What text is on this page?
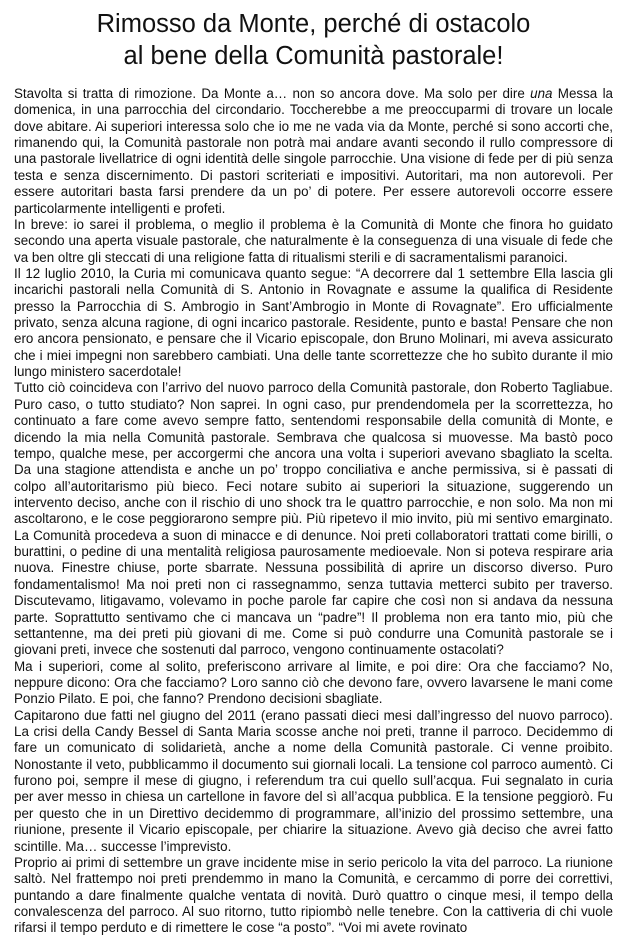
Rimosso da Monte, perché di ostacolo
al bene della Comunità pastorale!

Stavolta si tratta di rimozione. Da Monte a… non so ancora dove. Ma solo per dire una Messa la domenica, in una parrocchia del circondario. Toccherebbe a me preoccuparmi di trovare un locale dove abitare. Ai superiori interessa solo che io me ne vada via da Monte, perché si sono accorti che, rimanendo qui, la Comunità pastorale non potrà mai andare avanti secondo il rullo compressore di una pastorale livellatrice di ogni identità delle singole parrocchie. Una visione di fede per di più senza testa e senza discernimento. Di pastori scriteriati e impositivi. Autoritari, ma non autorevoli. Per essere autoritari basta farsi prendere da un po’ di potere. Per essere autorevoli occorre essere particolarmente intelligenti e profeti.

In breve: io sarei il problema, o meglio il problema è la Comunità di Monte che finora ho guidato secondo una aperta visuale pastorale, che naturalmente è la conseguenza di una visuale di fede che va ben oltre gli steccati di una religione fatta di ritualismi sterili e di sacramentalismi paranoici.

Il 12 luglio 2010, la Curia mi comunicava quanto segue: “A decorrere dal 1 settembre Ella lascia gli incarichi pastorali nella Comunità di S. Antonio in Rovagnate e assume la qualifica di Residente presso la Parrocchia di S. Ambrogio in Sant’Ambrogio in Monte di Rovagnate”. Ero ufficialmente privato, senza alcuna ragione, di ogni incarico pastorale. Residente, punto e basta! Pensare che non ero ancora pensionato, e pensare che il Vicario episcopale, don Bruno Molinari, mi aveva assicurato che i miei impegni non sarebbero cambiati. Una delle tante scorrettezze che ho subìto durante il mio lungo ministero sacerdotale!

Tutto ciò coincideva con l’arrivo del nuovo parroco della Comunità pastorale, don Roberto Tagliabue. Puro caso, o tutto studiato? Non saprei. In ogni caso, pur prendendomela per la scorrettezza, ho continuato a fare come avevo sempre fatto, sentendomi responsabile della comunità di Monte, e dicendo la mia nella Comunità pastorale. Sembrava che qualcosa si muovesse. Ma bastò poco tempo, qualche mese, per accorgermi che ancora una volta i superiori avevano sbagliato la scelta. Da una stagione attendista e anche un po’ troppo conciliativa e anche permissiva, si è passati di colpo all’autoritarismo più bieco. Feci notare subito ai superiori la situazione, suggerendo un intervento deciso, anche con il rischio di uno shock tra le quattro parrocchie, e non solo. Ma non mi ascoltarono, e le cose peggiorarono sempre più. Più ripetevo il mio invito, più mi sentivo emarginato. La Comunità procedeva a suon di minacce e di denunce. Noi preti collaboratori trattati come birilli, o burattini, o pedine di una mentalità religiosa paurosamente medioevale. Non si poteva respirare aria nuova. Finestre chiuse, porte sbarrate. Nessuna possibilità di aprire un discorso diverso. Puro fondamentalismo! Ma noi preti non ci rassegnammo, senza tuttavia metterci subito per traverso. Discutevamo, litigavamo, volevamo in poche parole far capire che così non si andava da nessuna parte. Soprattutto sentivamo che ci mancava un “padre”! Il problema non era tanto mio, più che settantenne, ma dei preti più giovani di me. Come si può condurre una Comunità pastorale se i giovani preti, invece che sostenuti dal parroco, vengono continuamente ostacolati?

Ma i superiori, come al solito, preferiscono arrivare al limite, e poi dire: Ora che facciamo? No, neppure dicono: Ora che facciamo? Loro sanno ciò che devono fare, ovvero lavarsene le mani come Ponzio Pilato. E poi, che fanno? Prendono decisioni sbagliate.

Capitarono due fatti nel giugno del 2011 (erano passati dieci mesi dall’ingresso del nuovo parroco). La crisi della Candy Bessel di Santa Maria scosse anche noi preti, tranne il parroco. Decidemmo di fare un comunicato di solidarietà, anche a nome della Comunità pastorale. Ci venne proibito. Nonostante il veto, pubblicammo il documento sui giornali locali. La tensione col parroco aumentò. Ci furono poi, sempre il mese di giugno, i referendum tra cui quello sull’acqua. Fui segnalato in curia per aver messo in chiesa un cartellone in favore del sì all’acqua pubblica. E la tensione peggiorò. Fu per questo che in un Direttivo decidemmo di programmare, all’inizio del prossimo settembre, una riunione, presente il Vicario episcopale, per chiarire la situazione. Avevo già deciso che avrei fatto scintille. Ma… successe l’imprevisto.

Proprio ai primi di settembre un grave incidente mise in serio pericolo la vita del parroco. La riunione saltò. Nel frattempo noi preti prendemmo in mano la Comunità, e cercammo di porre dei correttivi, puntando a dare finalmente qualche ventata di novità. Durò quattro o cinque mesi, il tempo della convalescenza del parroco. Al suo ritorno, tutto ripiombò nelle tenebre. Con la cattiveria di chi vuole rifarsi il tempo perduto e di rimettere le cose “a posto”. “Voi mi avete rovinato
